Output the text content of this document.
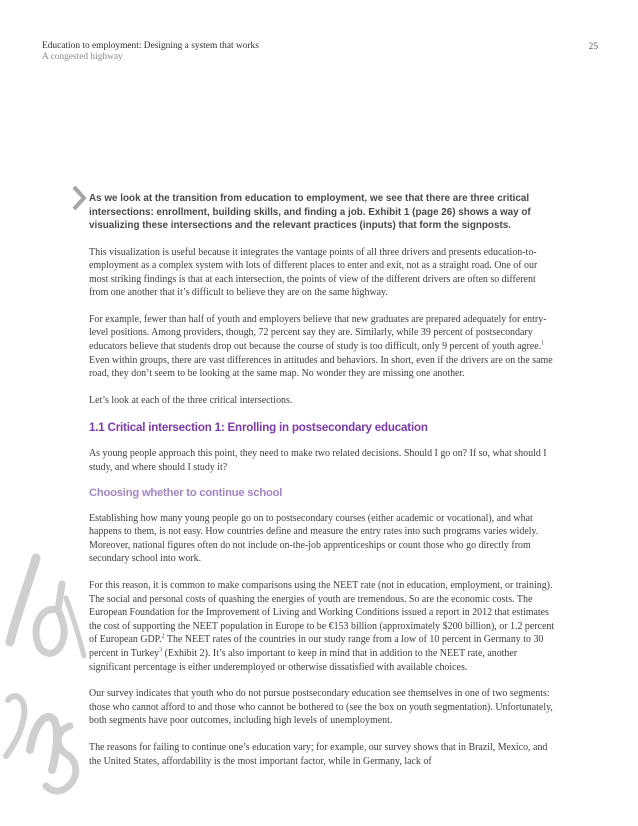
Education to employment: Designing a system that works
A congested highway
25

As we look at the transition from education to employment, we see that there are three critical intersections: enrollment, building skills, and finding a job. Exhibit 1 (page 26) shows a way of visualizing these intersections and the relevant practices (inputs) that form the signposts.

This visualization is useful because it integrates the vantage points of all three drivers and presents education-to-employment as a complex system with lots of different places to enter and exit, not as a straight road. One of our most striking findings is that at each intersection, the points of view of the different drivers are often so different from one another that it’s difficult to believe they are on the same highway.

For example, fewer than half of youth and employers believe that new graduates are prepared adequately for entry-level positions. Among providers, though, 72 percent say they are. Similarly, while 39 percent of postsecondary educators believe that students drop out because the course of study is too difficult, only 9 percent of youth agree.$^1$ Even within groups, there are vast differences in attitudes and behaviors. In short, even if the drivers are on the same road, they don’t seem to be looking at the same map. No wonder they are missing one another.

Let’s look at each of the three critical intersections.

1.1 Critical intersection 1: Enrolling in postsecondary education

As young people approach this point, they need to make two related decisions. Should I go on? If so, what should I study, and where should I study it?

Choosing whether to continue school

Establishing how many young people go on to postsecondary courses (either academic or vocational), and what happens to them, is not easy. How countries define and measure the entry rates into such programs varies widely. Moreover, national figures often do not include on-the-job apprenticeships or count those who go directly from secondary school into work.

For this reason, it is common to make comparisons using the NEET rate (not in education, employment, or training). The social and personal costs of quashing the energies of youth are tremendous. So are the economic costs. The European Foundation for the Improvement of Living and Working Conditions issued a report in 2012 that estimates the cost of supporting the NEET population in Europe to be €153 billion (approximately $200 billion), or 1.2 percent of European GDP.$^2$ The NEET rates of the countries in our study range from a low of 10 percent in Germany to 30 percent in Turkey$^3$ (Exhibit 2). It’s also important to keep in mind that in addition to the NEET rate, another significant percentage is either underemployed or otherwise dissatisfied with available choices.

Our survey indicates that youth who do not pursue postsecondary education see themselves in one of two segments: those who cannot afford to and those who cannot be bothered to (see the box on youth segmentation). Unfortunately, both segments have poor outcomes, including high levels of unemployment.

The reasons for failing to continue one’s education vary; for example, our survey shows that in Brazil, Mexico, and the United States, affordability is the most important factor, while in Germany, lack of
